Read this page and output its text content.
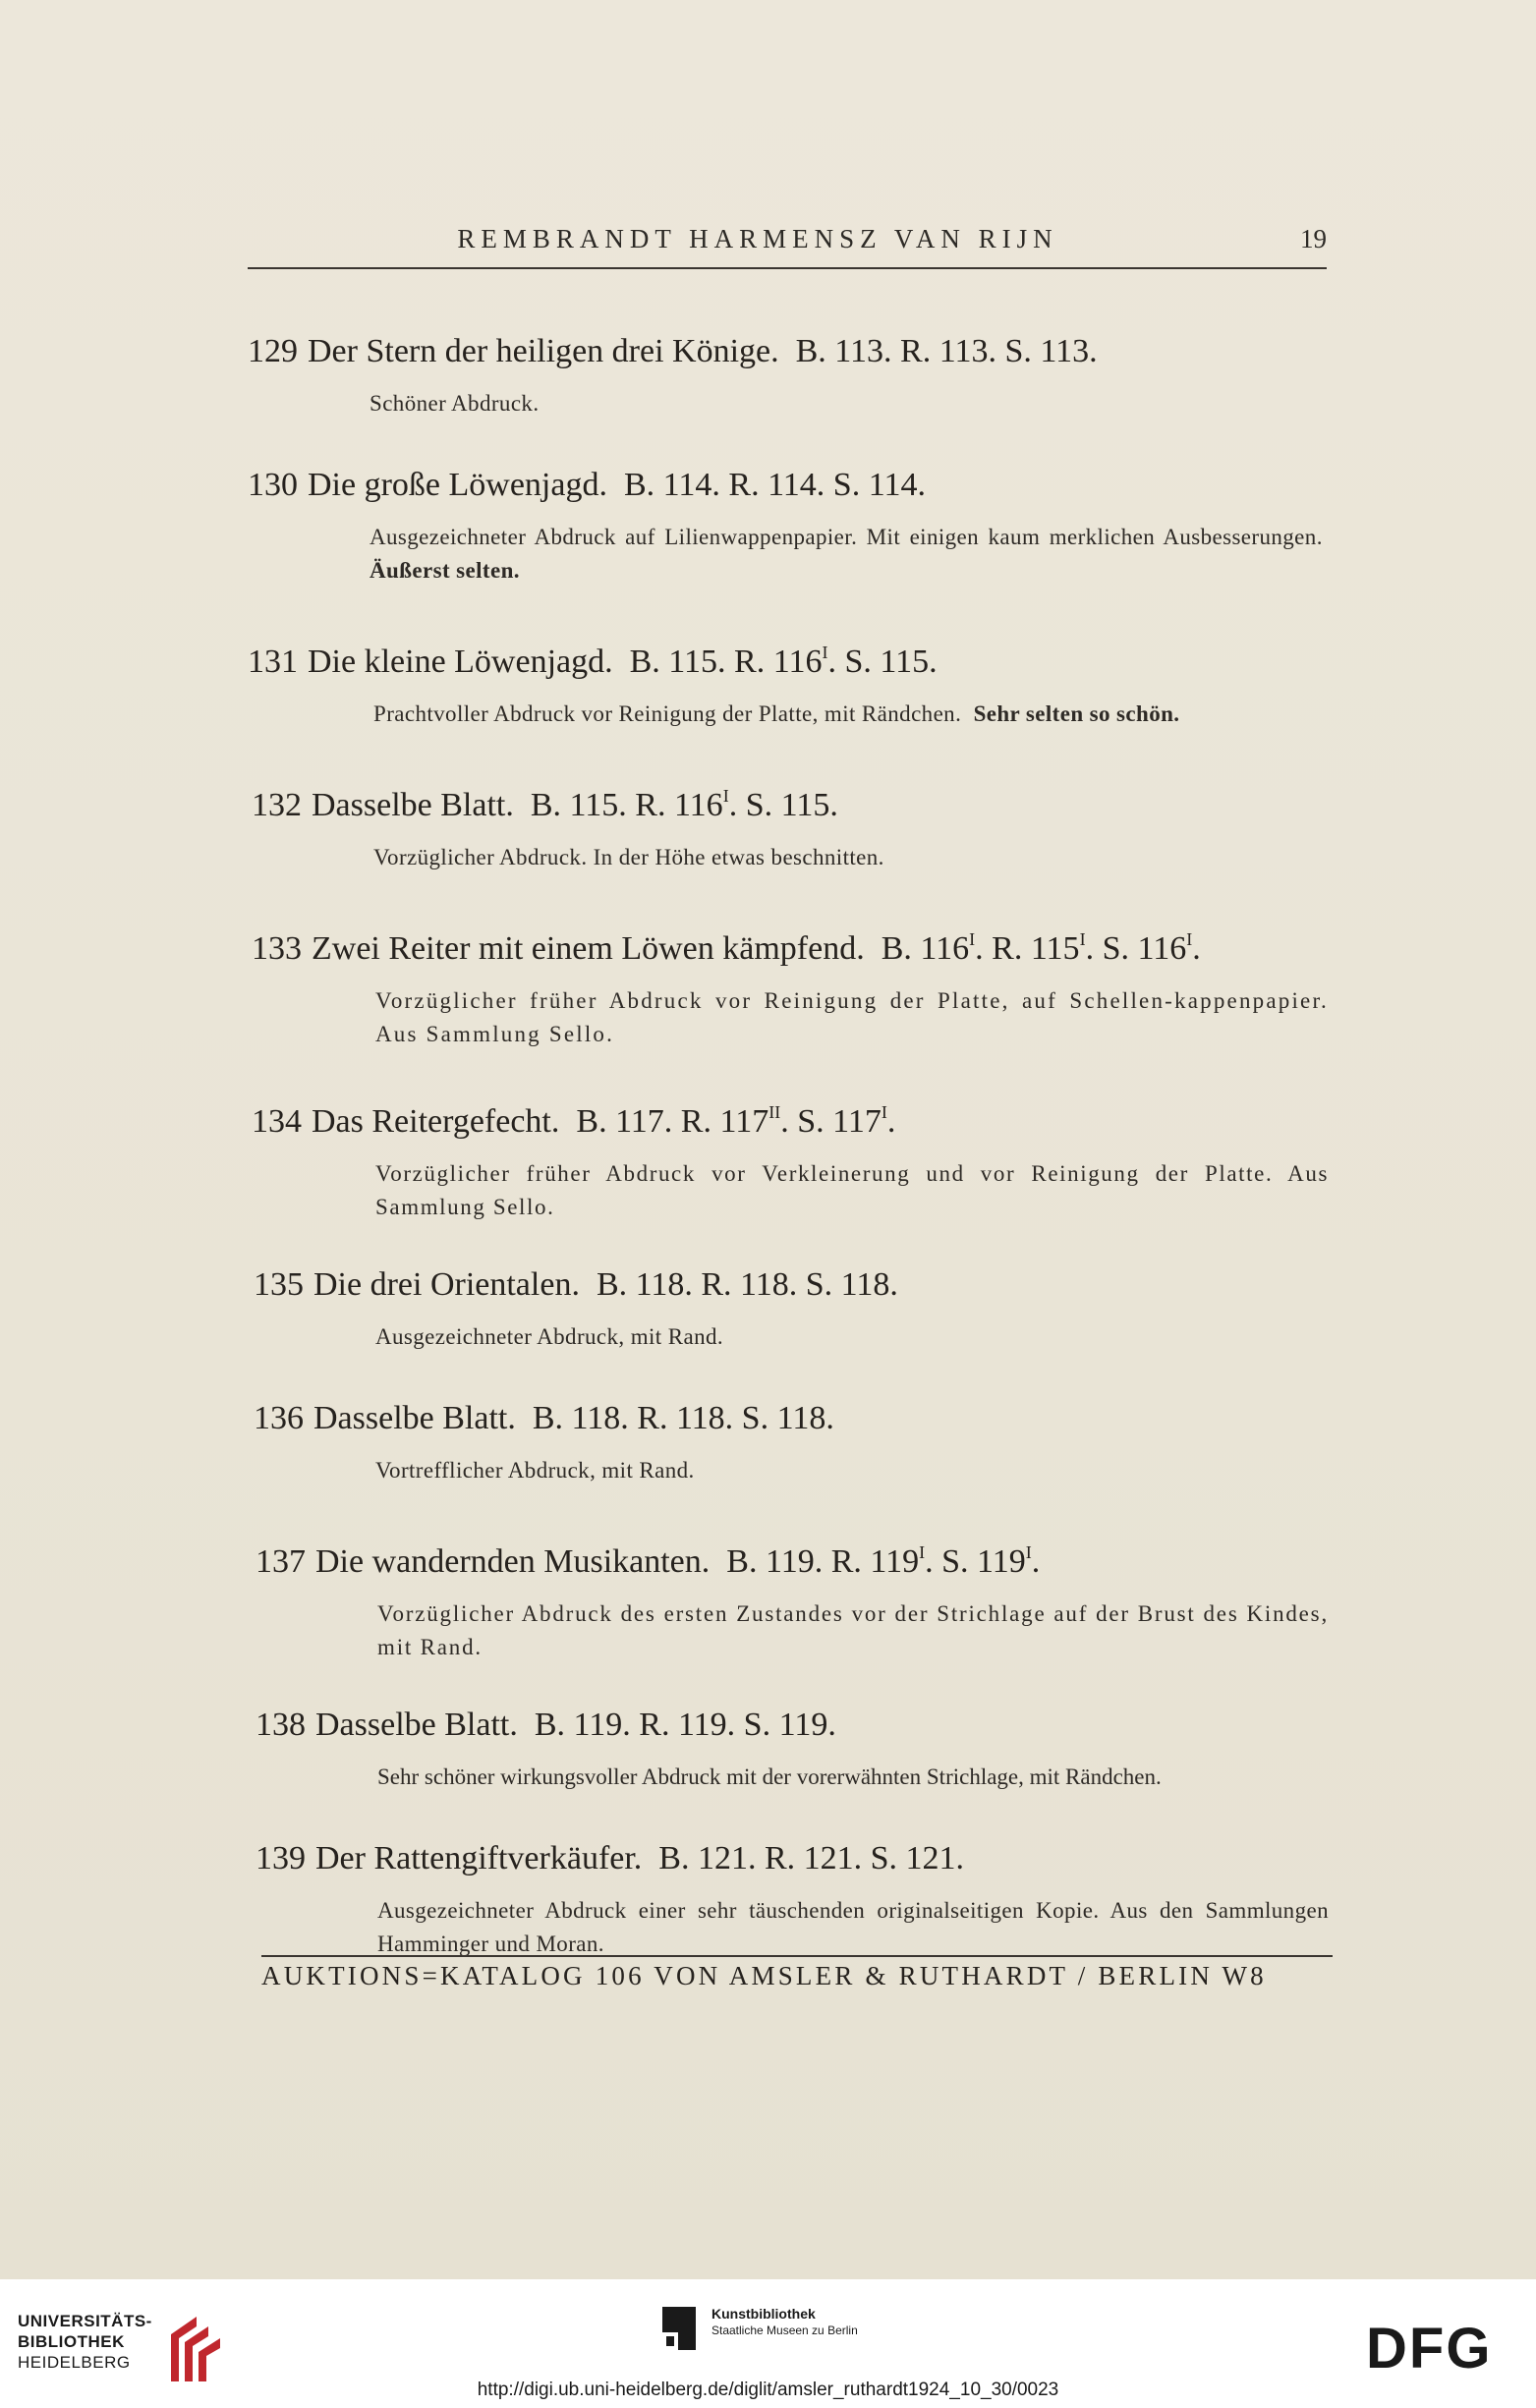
REMBRANDT HARMENSZ VAN RIJN	19
129 Der Stern der heiligen drei Könige. B. 113. R. 113. S. 113.
Schöner Abdruck.
130 Die große Löwenjagd. B. 114. R. 114. S. 114.
Ausgezeichneter Abdruck auf Lilienwappenpapier. Mit einigen kaum merklichen Ausbesserungen.  Äußerst selten.
131 Die kleine Löwenjagd. B. 115. R. $116^I$. S. 115.
Prachtvoller Abdruck vor Reinigung der Platte, mit Rändchen. Sehr selten so schön.
132 Dasselbe Blatt. B. 115. R. $116^I$. S. 115.
Vorzüglicher Abdruck. In der Höhe etwas beschnitten.
133 Zwei Reiter mit einem Löwen kämpfend. B. $116^I$. R. $115^I$. S. $116^I$.
Vorzüglicher früher Abdruck vor Reinigung der Platte, auf Schellen‑kappenpapier. Aus Sammlung Sello.
134 Das Reitergefecht. B. 117. R. $117^{II}$. S. $117^I$.
Vorzüglicher früher Abdruck vor Verkleinerung und vor Reinigung der Platte. Aus Sammlung Sello.
135 Die drei Orientalen. B. 118. R. 118. S. 118.
Ausgezeichneter Abdruck, mit Rand.
136 Dasselbe Blatt. B. 118. R. 118. S. 118.
Vortrefflicher Abdruck, mit Rand.
137 Die wandernden Musikanten. B. 119. R. $119^I$. S. $119^I$.
Vorzüglicher Abdruck des ersten Zustandes vor der Strichlage auf der Brust des Kindes, mit Rand.
138 Dasselbe Blatt. B. 119. R. 119. S. 119.
Sehr schöner wirkungsvoller Abdruck mit der vorerwähnten Strichlage, mit Rändchen.
139 Der Rattengiftverkäufer. B. 121. R. 121. S. 121.
Ausgezeichneter Abdruck einer sehr täuschenden originalseitigen Kopie. Aus den Sammlungen Hamminger und Moran.
AUKTIONS=KATALOG 106 VON AMSLER & RUTHARDT / BERLIN W8
UNIVERSITÄTS-
BIBLIOTHEK
HEIDELBERG
Kunstbibliothek
Staatliche Museen zu Berlin	DFG
http://digi.ub.uni-heidelberg.de/diglit/amsler_ruthardt1924_10_30/0023
